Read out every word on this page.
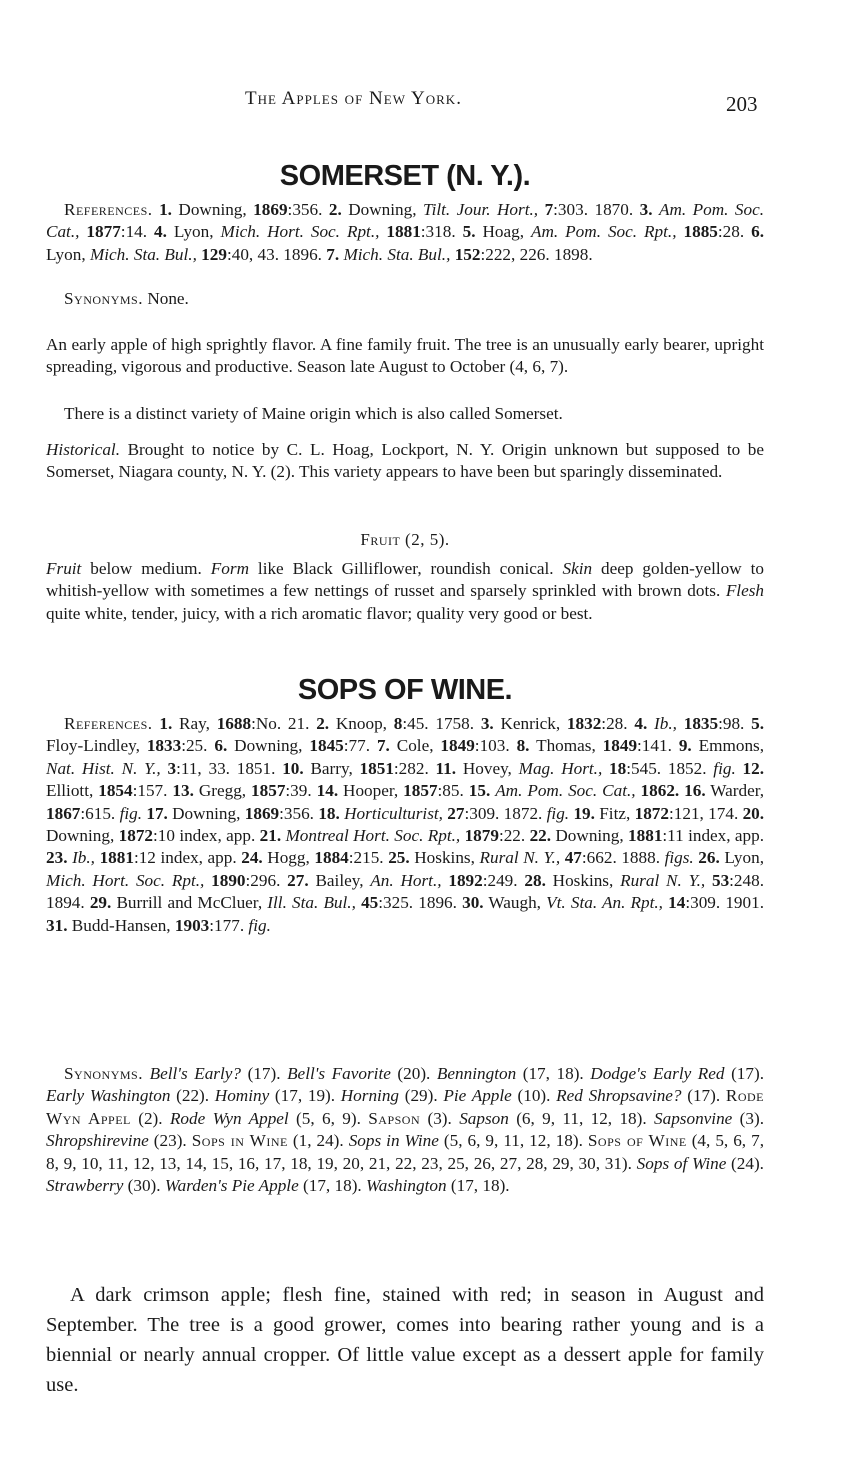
The Apples of New York.	203
SOMERSET (N. Y.).

References. 1. Downing, 1869:356. 2. Downing, Tilt. Jour. Hort., 7:303. 1870. 3. Am. Pom. Soc. Cat., 1877:14. 4. Lyon, Mich. Hort. Soc. Rpt., 1881:318. 5. Hoag, Am. Pom. Soc. Rpt., 1885:28. 6. Lyon, Mich. Sta. Bul., 129:40, 43. 1896. 7. Mich. Sta. Bul., 152:222, 226. 1898.

Synonyms. None.

An early apple of high sprightly flavor. A fine family fruit. The tree is an unusually early bearer, upright spreading, vigorous and productive. Season late August to October (4, 6, 7).

There is a distinct variety of Maine origin which is also called Somerset.

Historical. Brought to notice by C. L. Hoag, Lockport, N. Y. Origin unknown but supposed to be Somerset, Niagara county, N. Y. (2). This variety appears to have been but sparingly disseminated.

Fruit (2, 5).

Fruit below medium. Form like Black Gilliflower, roundish conical. Skin deep golden-yellow to whitish-yellow with sometimes a few nettings of russet and sparsely sprinkled with brown dots. Flesh quite white, tender, juicy, with a rich aromatic flavor; quality very good or best.

SOPS OF WINE.

References. 1. Ray, 1688:No. 21. 2. Knoop, 8:45. 1758. 3. Kenrick, 1832:28. 4. Ib., 1835:98. 5. Floy-Lindley, 1833:25. 6. Downing, 1845:77. 7. Cole, 1849:103. 8. Thomas, 1849:141. 9. Emmons, Nat. Hist. N. Y., 3:11, 33. 1851. 10. Barry, 1851:282. 11. Hovey, Mag. Hort., 18:545. 1852. fig. 12. Elliott, 1854:157. 13. Gregg, 1857:39. 14. Hooper, 1857:85. 15. Am. Pom. Soc. Cat., 1862. 16. Warder, 1867:615. fig. 17. Downing, 1869:356. 18. Horticulturist, 27:309. 1872. fig. 19. Fitz, 1872:121, 174. 20. Downing, 1872:10 index, app. 21. Montreal Hort. Soc. Rpt., 1879:22. 22. Downing, 1881:11 index, app. 23. Ib., 1881:12 index, app. 24. Hogg, 1884:215. 25. Hoskins, Rural N. Y., 47:662. 1888. figs. 26. Lyon, Mich. Hort. Soc. Rpt., 1890:296. 27. Bailey, An. Hort., 1892:249. 28. Hoskins, Rural N. Y., 53:248. 1894. 29. Burrill and McCluer, Ill. Sta. Bul., 45:325. 1896. 30. Waugh, Vt. Sta. An. Rpt., 14:309. 1901. 31. Budd-Hansen, 1903:177. fig.

Synonyms. Bell's Early? (17). Bell's Favorite (20). Bennington (17, 18). Dodge's Early Red (17). Early Washington (22). Hominy (17, 19). Horning (29). Pie Apple (10). Red Shropsavine? (17). Rode Wyn Appel (2). Rode Wyn Appel (5, 6, 9). Sapson (3). Sapson (6, 9, 11, 12, 18). Sapsonvine (3). Shropshirevine (23). Sops in Wine (1, 24). Sops in Wine (5, 6, 9, 11, 12, 18). Sops of Wine (4, 5, 6, 7, 8, 9, 10, 11, 12, 13, 14, 15, 16, 17, 18, 19, 20, 21, 22, 23, 25, 26, 27, 28, 29, 30, 31). Sops of Wine (24). Strawberry (30). Warden's Pie Apple (17, 18). Washington (17, 18).

A dark crimson apple; flesh fine, stained with red; in season in August and September. The tree is a good grower, comes into bearing rather young and is a biennial or nearly annual cropper. Of little value except as a dessert apple for family use.
